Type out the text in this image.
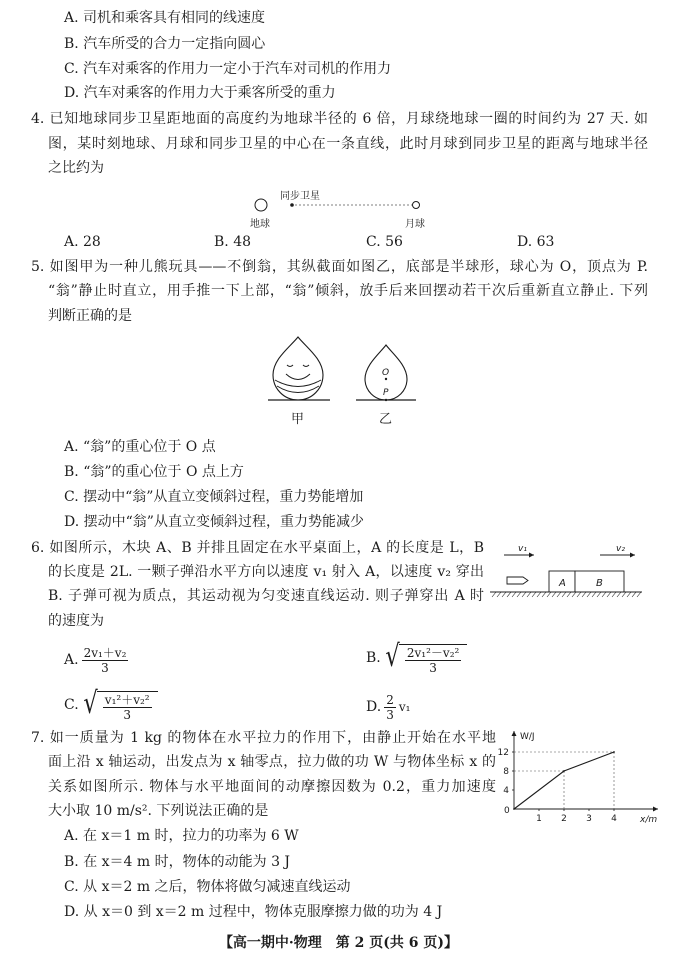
A. 司机和乘客具有相同的线速度
B. 汽车所受的合力一定指向圆心
C. 汽车对乘客的作用力一定小于汽车对司机的作用力
D. 汽车对乘客的作用力大于乘客所受的重力
4. 已知地球同步卫星距地面的高度约为地球半径的 6 倍，月球绕地球一圈的时间约为 27 天. 如
图，某时刻地球、月球和同步卫星的中心在一条直线，此时月球到同步卫星的距离与地球半径
之比约为
同步卫星
地球	月球
A. 28	B. 48	C. 56	D. 63
5. 如图甲为一种儿熊玩具——不倒翁，其纵截面如图乙，底部是半球形，球心为 O，顶点为 P.
“翁”静止时直立，用手推一下上部，“翁”倾斜，放手后来回摆动若干次后重新直立静止. 下列
判断正确的是
O
P
甲	乙
A. “翁”的重心位于 O 点
B. “翁”的重心位于 O 点上方
C. 摆动中“翁”从直立变倾斜过程，重力势能增加
D. 摆动中“翁”从直立变倾斜过程，重力势能减少
6. 如图所示，木块 A、B 并排且固定在水平桌面上，A 的长度是 L，B
的长度是 2L. 一颗子弹沿水平方向以速度 v₁ 射入 A，以速度 v₂ 穿出
B. 子弹可视为质点，其运动视为匀变速直线运动. 则子弹穿出 A 时
的速度为
v₁	v₂
A	B
A. $\frac{\text{2v₁＋v₂}}{3}$	B. √ $\frac{\text{2v₁²－v₂²}}{3}$
C. √ $\frac{\text{v₁²＋v₂²}}{3}$	D. $\frac{2}{3} v_1$
7. 如一质量为 1 kg 的物体在水平拉力的作用下，由静止开始在水平地
面上沿 x 轴运动，出发点为 x 轴零点，拉力做的功 W 与物体坐标 x 的
关系如图所示. 物体与水平地面间的动摩擦因数为 0.2，重力加速度
大小取 10 m/s². 下列说法正确的是
W/J
x/m
0
4
8
12
1 2 3 4
A. 在 x＝1 m 时，拉力的功率为 6 W
B. 在 x＝4 m 时，物体的动能为 3 J
C. 从 x＝2 m 之后，物体将做匀减速直线运动
D. 从 x＝0 到 x＝2 m 过程中，物体克服摩擦力做的功为 4 J
【高一期中·物理　第 2 页(共 6 页)】
